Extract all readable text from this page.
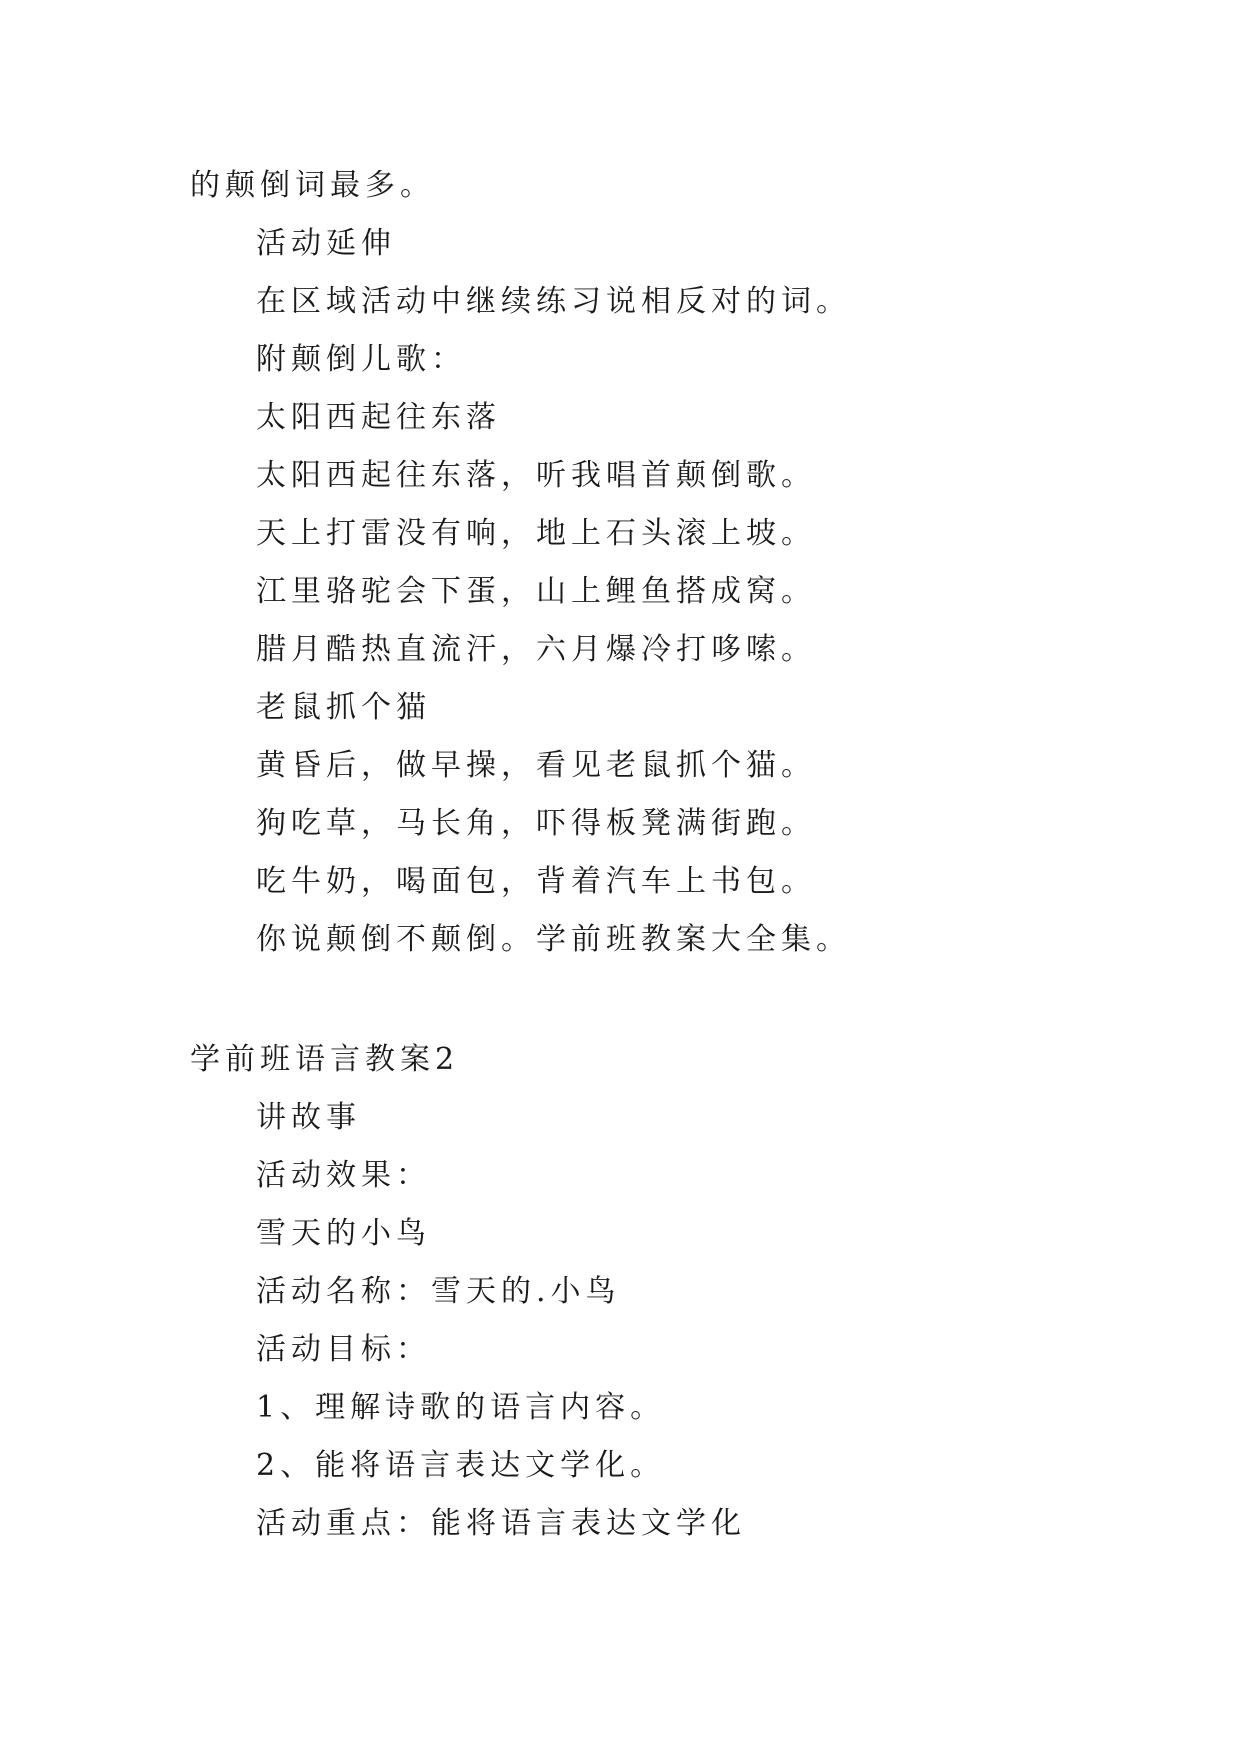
的颠倒词最多。

活动延伸

在区域活动中继续练习说相反对的词。

附颠倒儿歌：

太阳西起往东落

太阳西起往东落，听我唱首颠倒歌。

天上打雷没有响，地上石头滚上坡。

江里骆驼会下蛋，山上鲤鱼搭成窝。

腊月酷热直流汗，六月爆冷打哆嗦。

老鼠抓个猫

黄昏后，做早操，看见老鼠抓个猫。

狗吃草，马长角，吓得板凳满街跑。

吃牛奶，喝面包，背着汽车上书包。

你说颠倒不颠倒。学前班教案大全集。

学前班语言教案2

讲故事

活动效果：

雪天的小鸟

活动名称：雪天的.小鸟

活动目标：

1、理解诗歌的语言内容。

2、能将语言表达文学化。

活动重点：能将语言表达文学化
